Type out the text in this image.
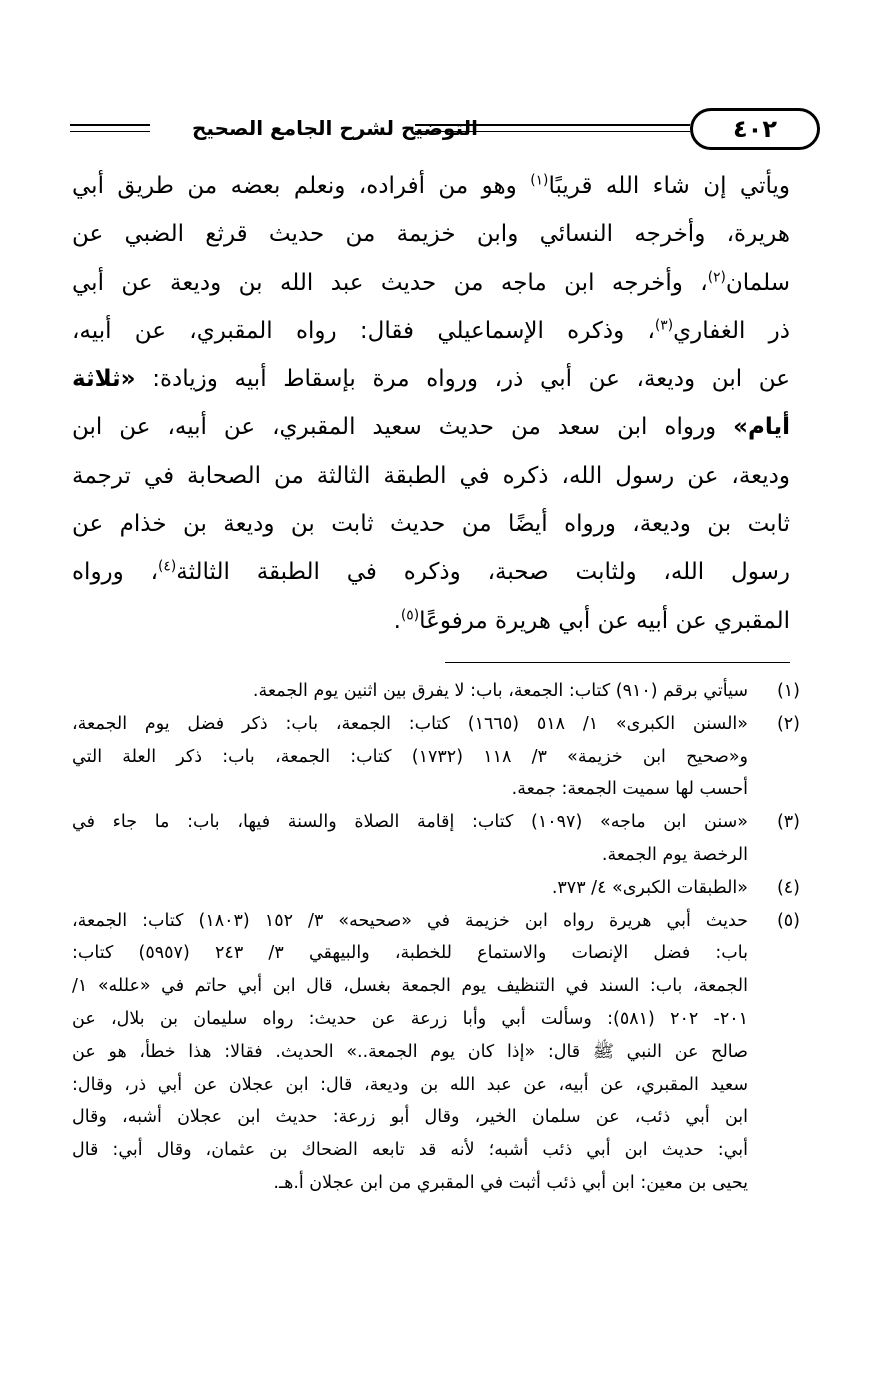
التوضيح لشرح الجامع الصحيح	٤٠٢
ويأتي إن شاء الله قريبًا$^{(١)}$ وهو من أفراده، ونعلم بعضه من طريق أبي
هريرة، وأخرجه النسائي وابن خزيمة من حديث قرثع الضبي عن
سلمان$^{(٢)}$، وأخرجه ابن ماجه من حديث عبد الله بن وديعة عن أبي
ذر الغفاري$^{(٣)}$، وذكره الإسماعيلي فقال: رواه المقبري، عن أبيه،
عن ابن وديعة، عن أبي ذر، ورواه مرة بإسقاط أبيه وزيادة: «ثلاثة
أيام» ورواه ابن سعد من حديث سعيد المقبري، عن أبيه، عن ابن
وديعة، عن رسول الله، ذكره في الطبقة الثالثة من الصحابة في ترجمة
ثابت بن وديعة، ورواه أيضًا من حديث ثابت بن وديعة بن خذام عن
رسول الله، ولثابت صحبة، وذكره في الطبقة الثالثة$^{(٤)}$، ورواه
المقبري عن أبيه عن أبي هريرة مرفوعًا$^{(٥)}$.
(١)
سيأتي برقم (٩١٠) كتاب: الجمعة، باب: لا يفرق بين اثنين يوم الجمعة.
(٢)
«السنن الكبرى» ١/ ٥١٨ (١٦٦٥) كتاب: الجمعة، باب: ذكر فضل يوم الجمعة،
و«صحيح ابن خزيمة» ٣/ ١١٨ (١٧٣٢) كتاب: الجمعة، باب: ذكر العلة التي
أحسب لها سميت الجمعة: جمعة.
(٣)
«سنن ابن ماجه» (١٠٩٧) كتاب: إقامة الصلاة والسنة فيها، باب: ما جاء في
الرخصة يوم الجمعة.
(٤)
«الطبقات الكبرى» ٤/ ٣٧٣.
(٥)
حديث أبي هريرة رواه ابن خزيمة في «صحيحه» ٣/ ١٥٢ (١٨٠٣) كتاب: الجمعة،
باب: فضل الإنصات والاستماع للخطبة، والبيهقي ٣/ ٢٤٣ (٥٩٥٧) كتاب:
الجمعة، باب: السند في التنظيف يوم الجمعة بغسل، قال ابن أبي حاتم في «علله» ١/
٢٠١- ٢٠٢ (٥٨١): وسألت أبي وأبا زرعة عن حديث: رواه سليمان بن بلال، عن
صالح عن النبي ﷺ قال: «إذا كان يوم الجمعة..» الحديث. فقالا: هذا خطأ، هو عن
سعيد المقبري، عن أبيه، عن عبد الله بن وديعة، قال: ابن عجلان عن أبي ذر، وقال:
ابن أبي ذئب، عن سلمان الخير، وقال أبو زرعة: حديث ابن عجلان أشبه، وقال
أبي: حديث ابن أبي ذئب أشبه؛ لأنه قد تابعه الضحاك بن عثمان، وقال أبي: قال
يحيى بن معين: ابن أبي ذئب أثبت في المقبري من ابن عجلان أ.هـ.
